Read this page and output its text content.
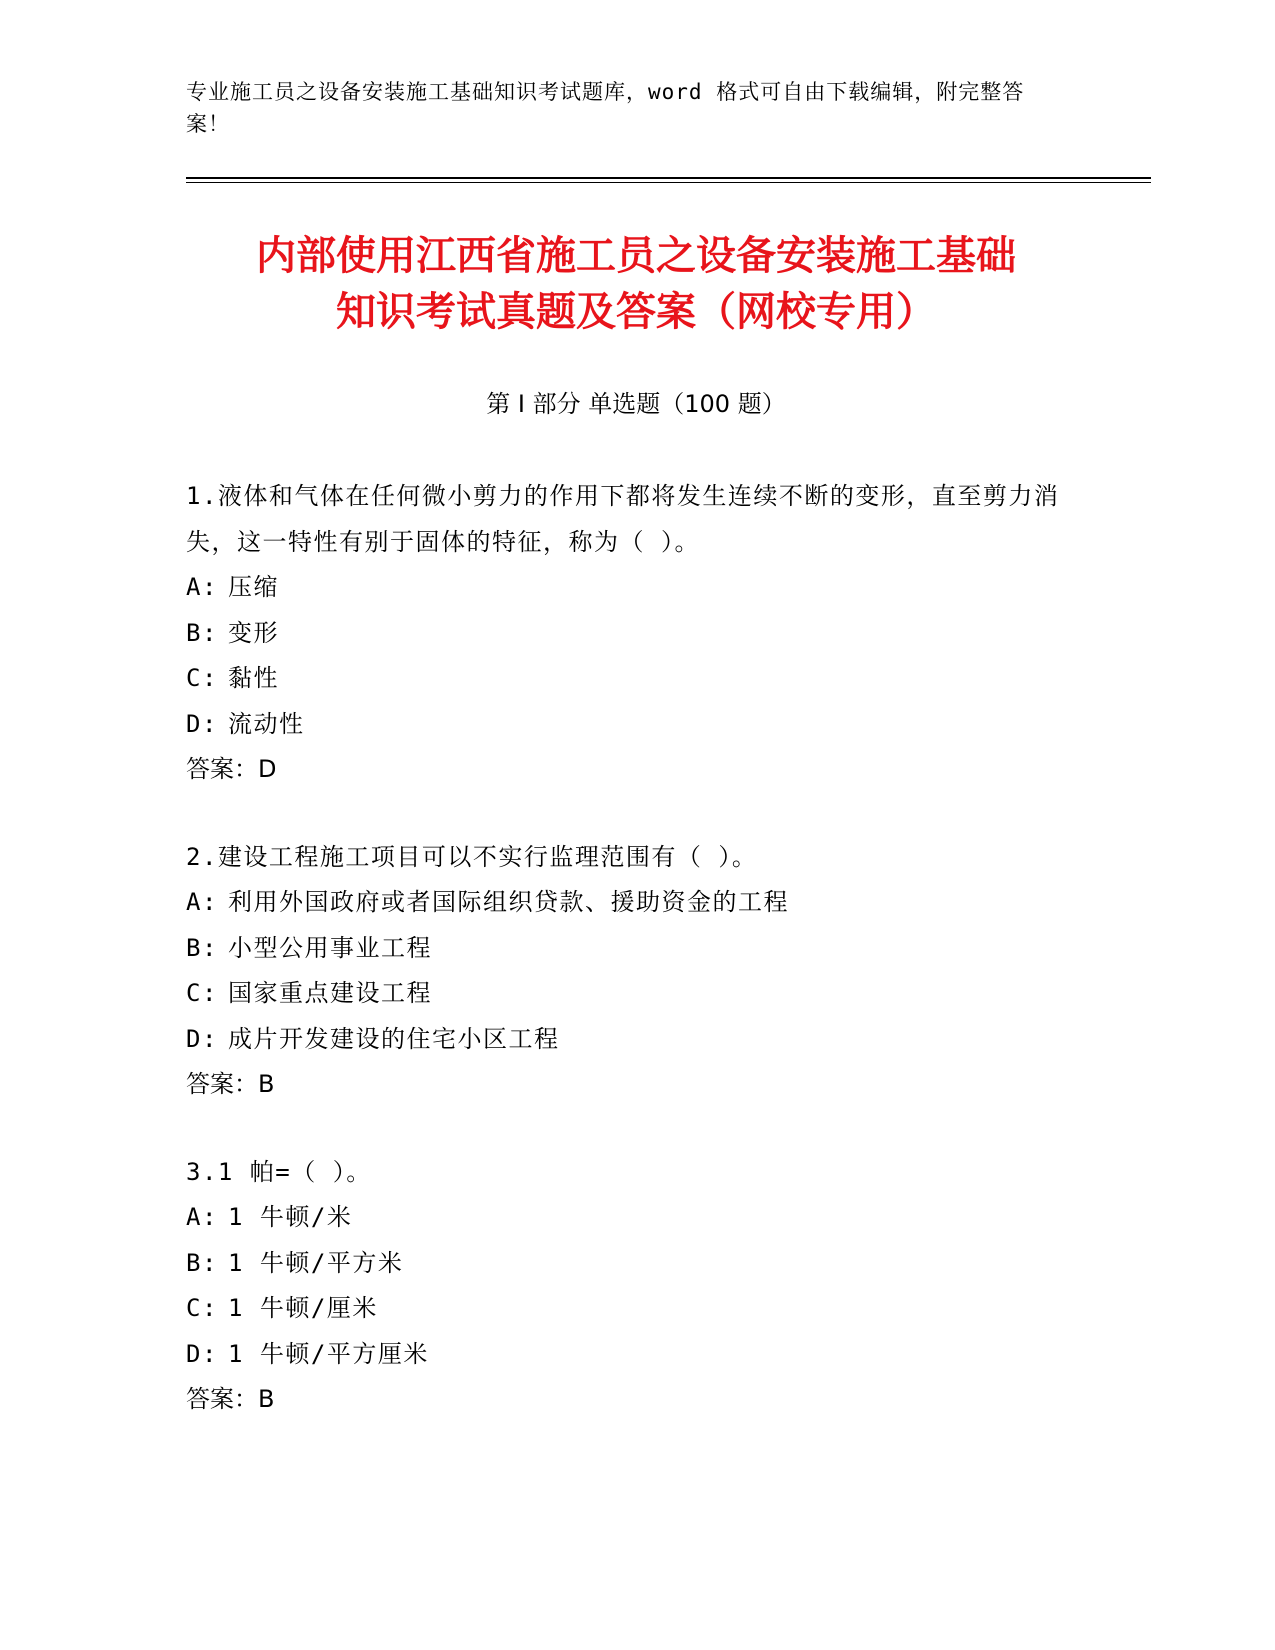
专业施工员之设备安装施工基础知识考试题库，word 格式可自由下载编辑，附完整答案！
内部使用江西省施工员之设备安装施工基础
知识考试真题及答案（网校专用）
第 I 部分 单选题（100 题）
1.液体和气体在任何微小剪力的作用下都将发生连续不断的变形，直至剪力消失，这一特性有别于固体的特征，称为（ ）。
A: 压缩
B: 变形
C: 黏性
D: 流动性
答案：D
2.建设工程施工项目可以不实行监理范围有（ ）。
A: 利用外国政府或者国际组织贷款、援助资金的工程
B: 小型公用事业工程
C: 国家重点建设工程
D: 成片开发建设的住宅小区工程
答案：B
3.1 帕=（ ）。
A: 1 牛顿/米
B: 1 牛顿/平方米
C: 1 牛顿/厘米
D: 1 牛顿/平方厘米
答案：B
